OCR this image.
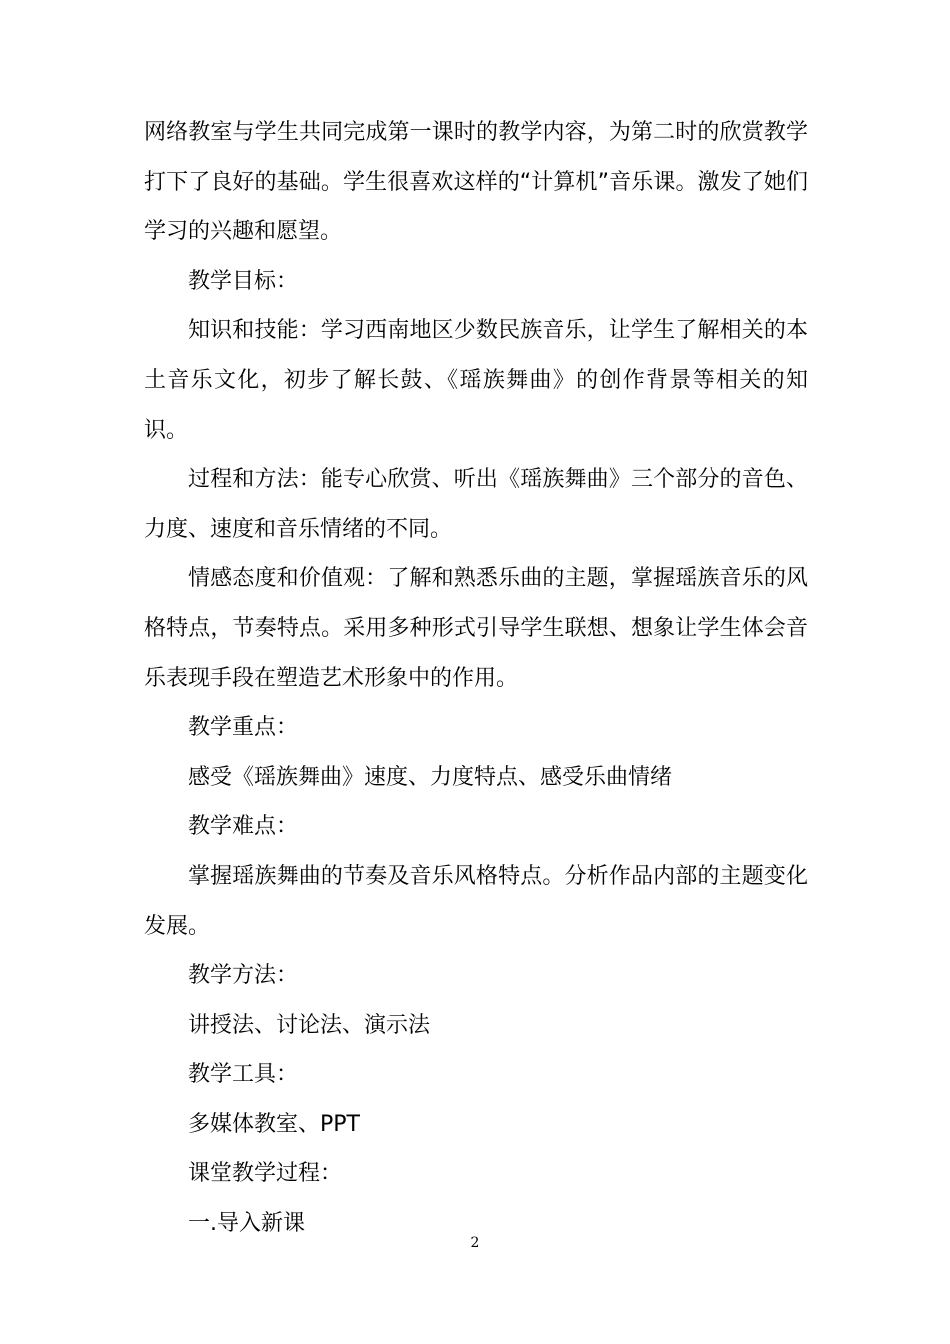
网络教室与学生共同完成第一课时的教学内容，为第二时的欣赏教学打下了良好的基础。学生很喜欢这样的“计算机”音乐课。激发了她们学习的兴趣和愿望。

教学目标：

知识和技能：学习西南地区少数民族音乐，让学生了解相关的本土音乐文化，初步了解长鼓、《瑶族舞曲》的创作背景等相关的知识。

过程和方法：能专心欣赏、听出《瑶族舞曲》三个部分的音色、力度、速度和音乐情绪的不同。

情感态度和价值观：了解和熟悉乐曲的主题，掌握瑶族音乐的风格特点，节奏特点。采用多种形式引导学生联想、想象让学生体会音乐表现手段在塑造艺术形象中的作用。

教学重点：

感受《瑶族舞曲》速度、力度特点、感受乐曲情绪

教学难点：

掌握瑶族舞曲的节奏及音乐风格特点。分析作品内部的主题变化发展。

教学方法：

讲授法、讨论法、演示法

教学工具：

多媒体教室、PPT

课堂教学过程：

一.导入新课

2
